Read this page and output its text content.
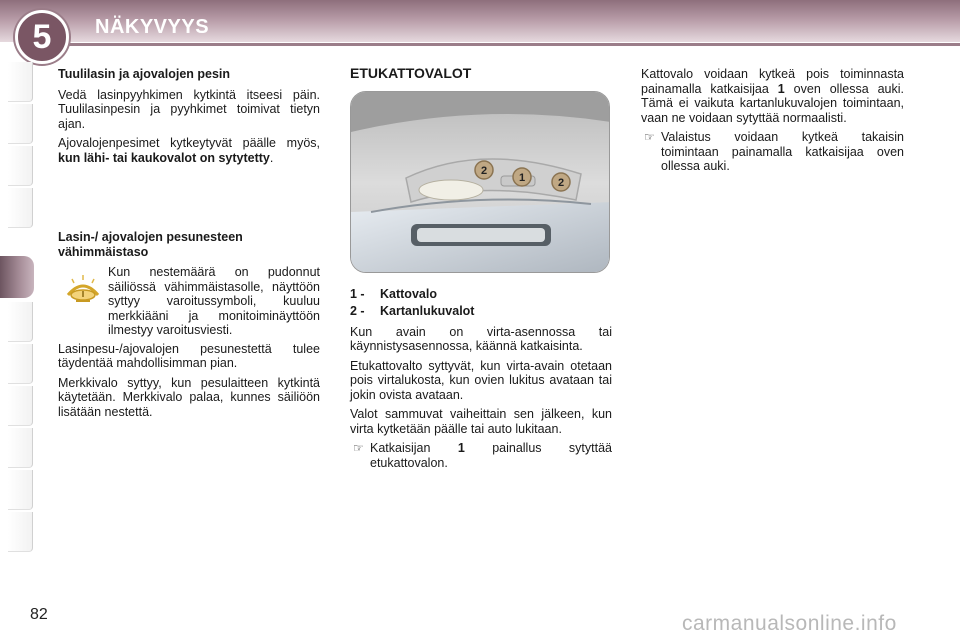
5 NÄKYVYYS
Tuulilasin ja ajovalojen pesin

Vedä lasinpyyhkimen kytkintä itseesi päin. Tuulilasinpesin ja pyyhkimet toimivat tietyn ajan.

Ajovalojenpesimet kytkeytyvät päälle myös, kun lähi- tai kaukovalot on sytytetty.

Lasin-/ ajovalojen pesunesteen vähimmäistaso
Kun nestemäärä on pudonnut säiliössä vähimmäistasolle, näyttöön syttyy varoitussymboli, kuuluu merkkiääni ja monitoiminäyttöön ilmestyy varoitusviesti.

Lasinpesu-/ajovalojen pesunestettä tulee täydentää mahdollisimman pian.

Merkkivalo syttyy, kun pesulaitteen kytkintä käytetään. Merkkivalo palaa, kunnes säiliöön lisätään nestettä.

ETUKATTOVALOT
2
1	2
1 -	Kattovalo
2 -	Kartanlukuvalot

Kun avain on virta-asennossa tai käynnistysasennossa, käännä katkaisinta.

Etukattovalto syttyvät, kun virta-avain otetaan pois virtalukosta, kun ovien lukitus avataan tai jokin ovista avataan.

Valot sammuvat vaiheittain sen jälkeen, kun virta kytketään päälle tai auto lukitaan.

☞ Katkaisijan 1 painallus sytyttää etukattovalon.

Kattovalo voidaan kytkeä pois toiminnasta painamalla katkaisijaa 1 oven ollessa auki. Tämä ei vaikuta kartanlukuvalojen toimintaan, vaan ne voidaan sytyttää normaalisti.

☞ Valaistus voidaan kytkeä takaisin toimintaan painamalla katkaisijaa oven ollessa auki.
82	carmanualsonline.info
